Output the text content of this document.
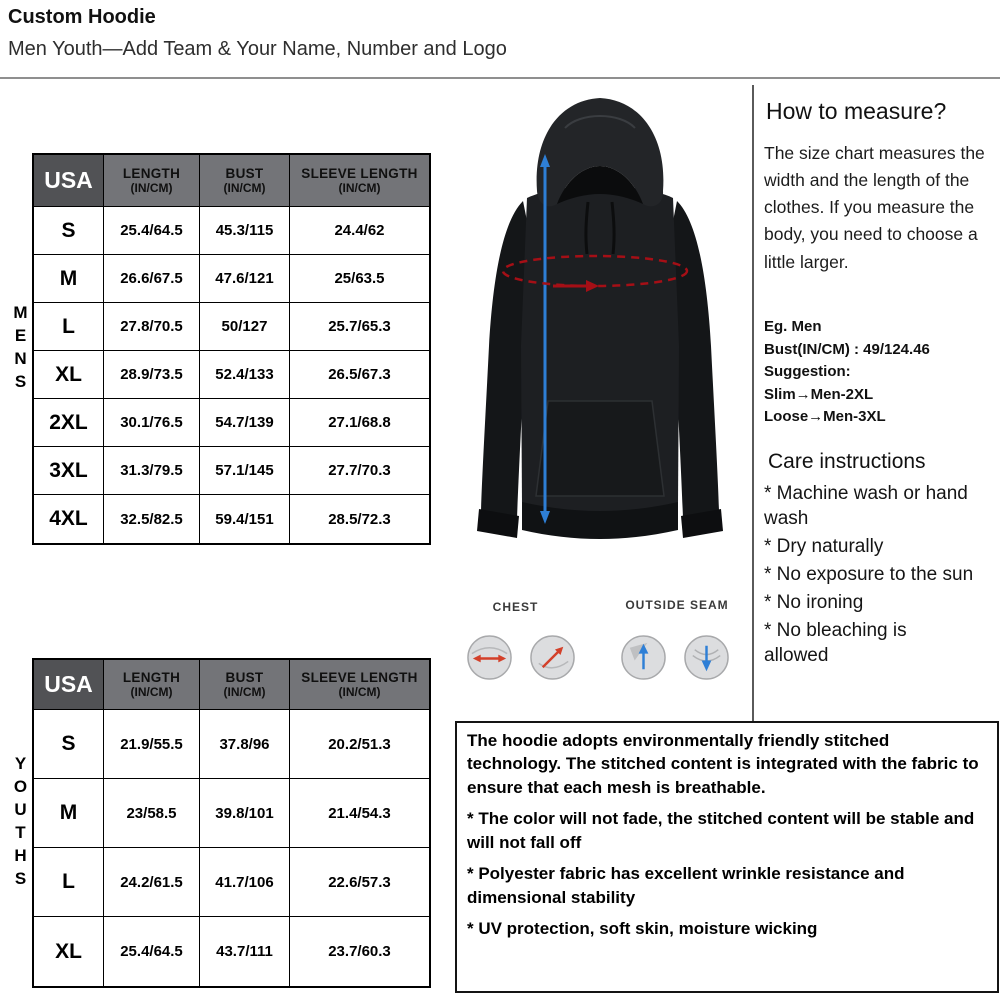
Custom Hoodie
Men Youth—Add Team & Your Name, Number and Logo
MENS
USA LENGTH
(IN/CM)
BUST
(IN/CM)
SLEEVE LENGTH
(IN/CM)
S	25.4/64.5	45.3/115	24.4/62
M	26.6/67.5	47.6/121	25/63.5
L	27.8/70.5	50/127	25.7/65.3
XL	28.9/73.5	52.4/133	26.5/67.3
2XL	30.1/76.5	54.7/139	27.1/68.8
3XL	31.3/79.5	57.1/145	27.7/70.3
4XL	32.5/82.5	59.4/151	28.5/72.3
YOUTHS
USA LENGTH
(IN/CM)
BUST
(IN/CM)
SLEEVE LENGTH
(IN/CM)
S	21.9/55.5	37.8/96	20.2/51.3
M	23/58.5	39.8/101	21.4/54.3
L	24.2/61.5	41.7/106	22.6/57.3
XL	25.4/64.5	43.7/111	23.7/60.3
CHEST	OUTSIDE SEAM
How to measure?
The size chart measures the width and the length of the clothes. If you measure the body, you need to choose a little larger.
Eg. Men
Bust(IN/CM) : 49/124.46
Suggestion:
Slim→Men-2XL
Loose→Men-3XL
Care instructions
* Machine wash or hand wash
* Dry naturally
* No exposure to the sun
* No ironing
* No bleaching is allowed
The hoodie adopts environmentally friendly stitched technology. The stitched content is integrated with the fabric to ensure that each mesh is breathable.
* The color will not fade, the stitched content will be stable and will not fall off
* Polyester fabric has excellent wrinkle resistance and dimensional stability
* UV protection, soft skin, moisture wicking
